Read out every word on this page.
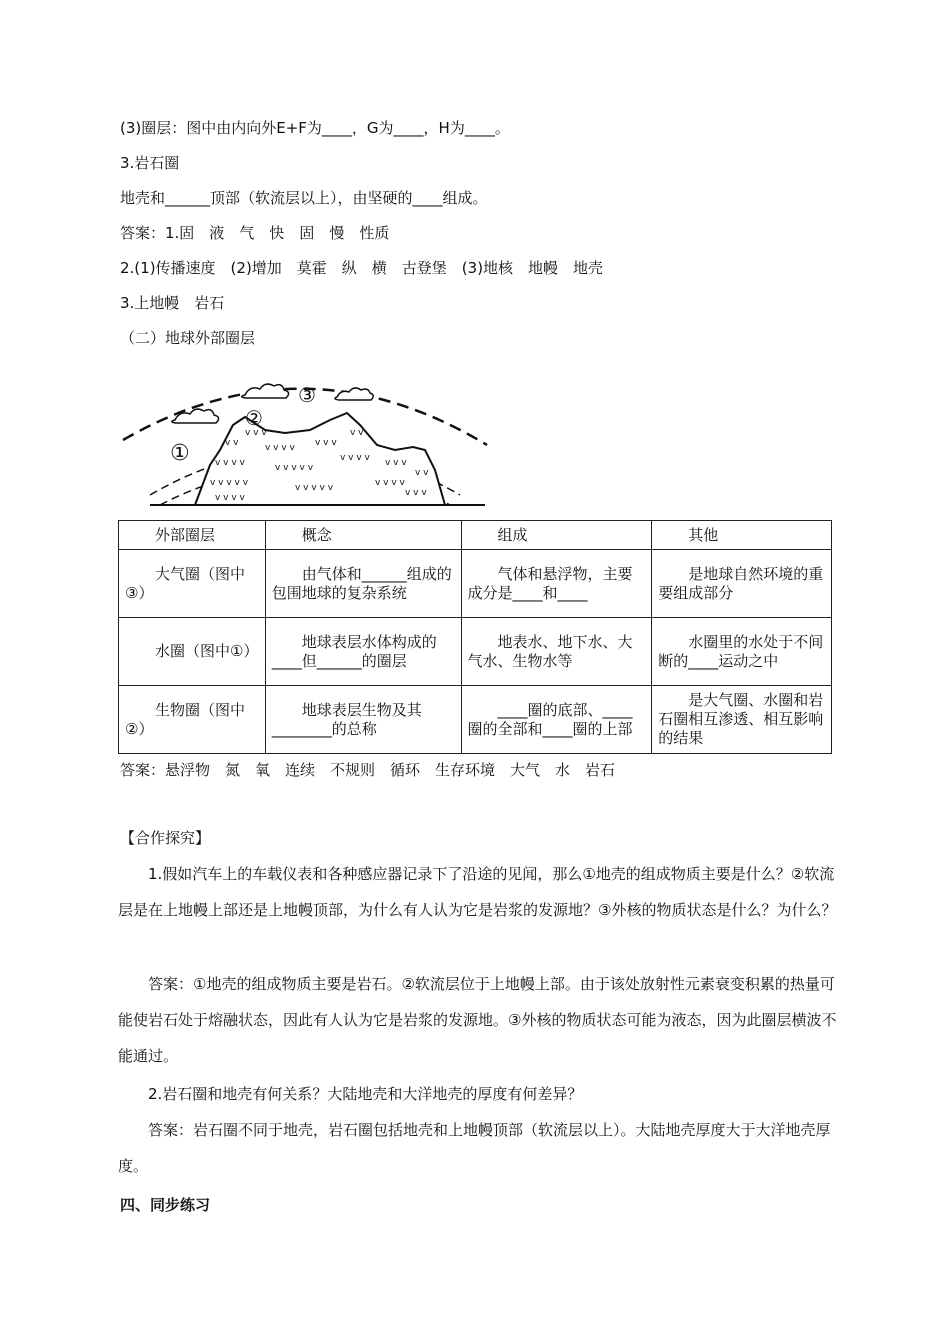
(3)圈层：图中由内向外E+F为____，G为____，H为____。
3.岩石圈
地壳和______顶部（软流层以上），由坚硬的____组成。
答案：1.固　液　气　快　固　慢　性质
2.(1)传播速度　(2)增加　莫霍　纵　横　古登堡　(3)地核　地幔　地壳
3.上地幔　岩石
（二）地球外部圈层
v v
v v v
v v v v
v v v v v v v
v v
v v v v v
v v v v v
v v v v v v v
v v v v
v v v v v	v v v v
v v
v v v
①
②
③
外部圈层	概念	组成	其他
大气圈（图中③）	由气体和______组成的包围地球的复杂系统	气体和悬浮物，主要成分是____和____	是地球自然环境的重要组成部分
水圈（图中①）	地球表层水体构成的____但______的圈层	地表水、地下水、大气水、生物水等	水圈里的水处于不间断的____运动之中
生物圈（图中②）	地球表层生物及其________的总称	____圈的底部、____圈的全部和____圈的上部	是大气圈、水圈和岩石圈相互渗透、相互影响的结果
答案：悬浮物　氮　氧　连续　不规则　循环　生存环境　大气　水　岩石
【合作探究】
1.假如汽车上的车载仪表和各种感应器记录下了沿途的见闻，那么①地壳的组成物质主要是什么？②软流层是在上地幔上部还是上地幔顶部，为什么有人认为它是岩浆的发源地？③外核的物质状态是什么？为什么？
答案：①地壳的组成物质主要是岩石。②软流层位于上地幔上部。由于该处放射性元素衰变积累的热量可能使岩石处于熔融状态，因此有人认为它是岩浆的发源地。③外核的物质状态可能为液态，因为此圈层横波不能通过。
2.岩石圈和地壳有何关系？大陆地壳和大洋地壳的厚度有何差异？
答案：岩石圈不同于地壳，岩石圈包括地壳和上地幔顶部（软流层以上）。大陆地壳厚度大于大洋地壳厚度。
四、同步练习
